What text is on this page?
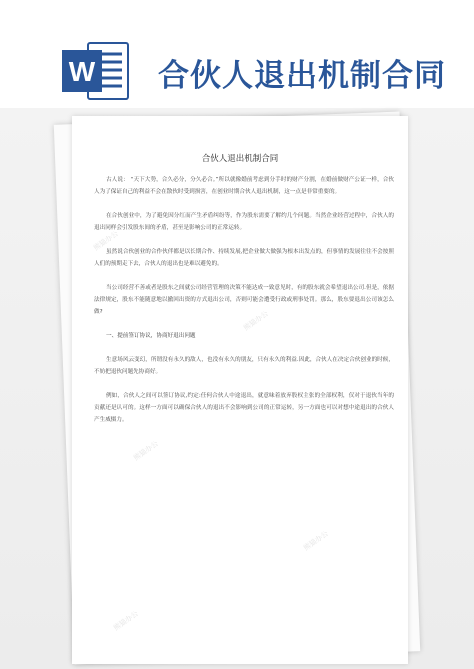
W 合伙人退出机制合同
合伙人退出机制合同

古人说： “天下大势，合久必分，分久必合。”所以就像婚前考虑到分手时的财产分割，在婚前做财产公证一样，合伙人为了保证自己的利益不会在散伙时受到损害，在创业时期合伙人退出机制，这一点是非常重要的。

在合伙创业中，为了避免因分红而产生矛盾纠纷等，作为股东需要了解约几个问题。当然企业经营过程中，合伙人的退出同样会引发股东间的矛盾，甚至是影响公司的正常运转。

虽然说合伙创业的合作伙伴都是以长期合作、持续发展,把企业做大做强为根本出发点的，但事情的发展往往不会按照人们的预期走下去，合伙人的退出也是难以避免的。

当公司经营不善或者是股东之间就公司经营管理的决策不能达成一致意见时，有的股东就会希望退出公司.但是，依据法律规定，股东不能随意地以撤回出资的方式退出公司，否则可能会遭受行政或刑事处罚。那么，股东要退出公司该怎么做?

一、提前签订协议，协商好退出问题

生意场风云变幻，所谓没有永久的敌人，也没有永久的朋友，只有永久的利益.因此，合伙人在决定合伙创业的时候，不妨把退伙问题先协商好。

例如，合伙人之间可以签订协议,约定:任何合伙人中途退出，就意味着放弃股权主张的全部权利，仅对于退伙当年的贡献还是认可的。这样一方面可以确保合伙人的退出不会影响到公司的正常运转，另一方面也可以对想中途退出的合伙人产生威慑力。

熊猫办公
熊猫办公
熊猫办公
熊猫办公
熊猫办公
